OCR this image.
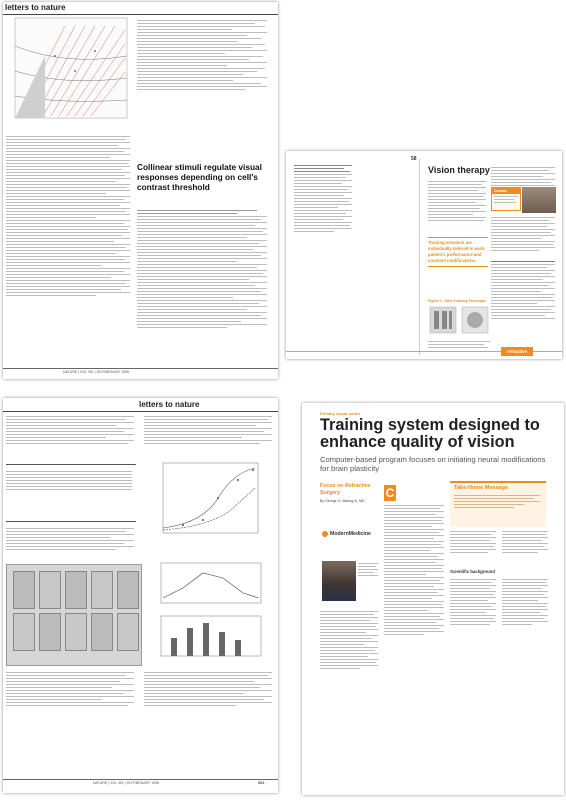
letters to nature
Collinear stimuli regulate visual responses depending on cell's contrast threshold
NATURE | VOL 391 | 26 FEBRUARY 1998
letters to nature
NATURE | VOL 391 | 26 FEBRUARY 1998	581
58
Vision therapy
Contact
Training sessions are individually tailored to each patient's performance and constant modifications.
Figure 1. Joint Training Technique
refractive
Primary visual cortex
Training system designed to enhance quality of vision
Computer-based program focuses on initiating neural modifications for brain plasticity
Focus on Refractive Surgery
By George O. Waring III, MD
Take-Home Message
C
ModernMedicine
Scientific background
